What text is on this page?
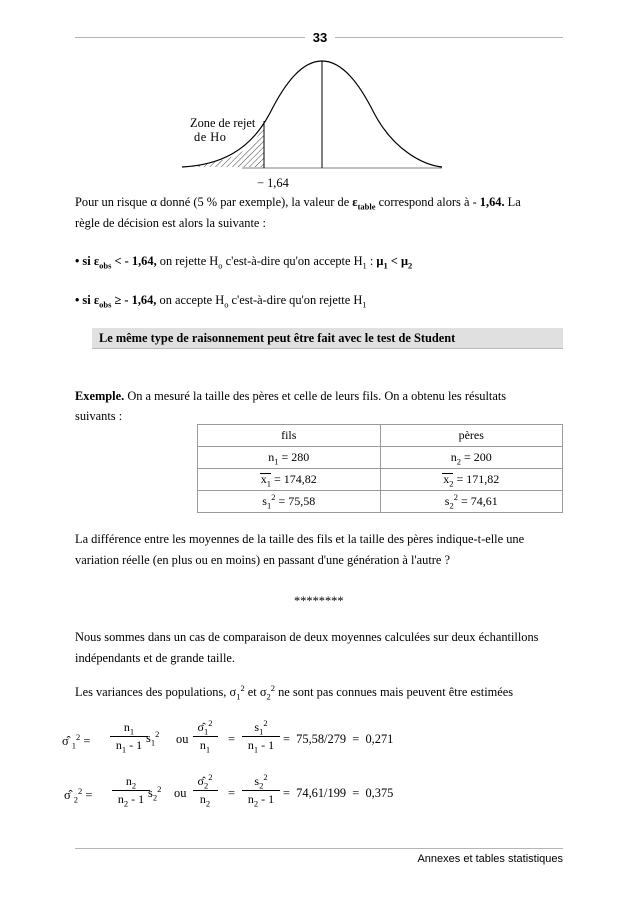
33
Zone de rejet
de Ho
− 1,64
Pour un risque α donné (5 % par exemple), la valeur de $\varepsilon_{table}$ correspond alors à - 1,64. La
règle de décision est alors la suivante :
• si $\varepsilon_{obs}$ < - 1,64, on rejette $H_o$ c'est-à-dire qu'on accepte $H_1$ : $\mu_1 < \mu_2$
• si $\varepsilon_{obs}$ ≥ - 1,64, on accepte $H_o$ c'est-à-dire qu'on rejette $H_1$
Le même type de raisonnement peut être fait avec le test de Student
Exemple. On a mesuré la taille des pères et celle de leurs fils. On a obtenu les résultats
suivants :
fils	pères
$n_1 = 280$	$n_2 = 200$

$x_1 = 174,82$	$x_2 = 171,82$
$s_1^2 = 75,58$	$s_2^2 = 74,61$
La différence entre les moyennes de la taille des fils et la taille des pères indique-t-elle une
variation réelle (en plus ou en moins) en passant d'une génération à l'autre ?
********
Nous sommes dans un cas de comparaison de deux moyennes calculées sur deux échantillons
indépendants et de grande taille.
Les variances des populations, $\sigma_1^2$ et $\sigma_2^2$ ne sont pas connues mais peuvent être estimées
σ̂ $_1^2$ =
$n_1$
$n_1 - 1$ $s_1^2$ ou
$\sigmâ_1^2$
$n_1$
=
$s_1^2$
$n_1 - 1 = 75,58/279 = 0,271$
σ̂ $_2^2$ =
$n_2$
$n_2 - 1$ $s_2^2$ ou
$\sigmâ_2^2$
$n_2$
=
$s_2^2$
$n_2 - 1 = 74,61/199 = 0,375$
Annexes et tables statistiques
